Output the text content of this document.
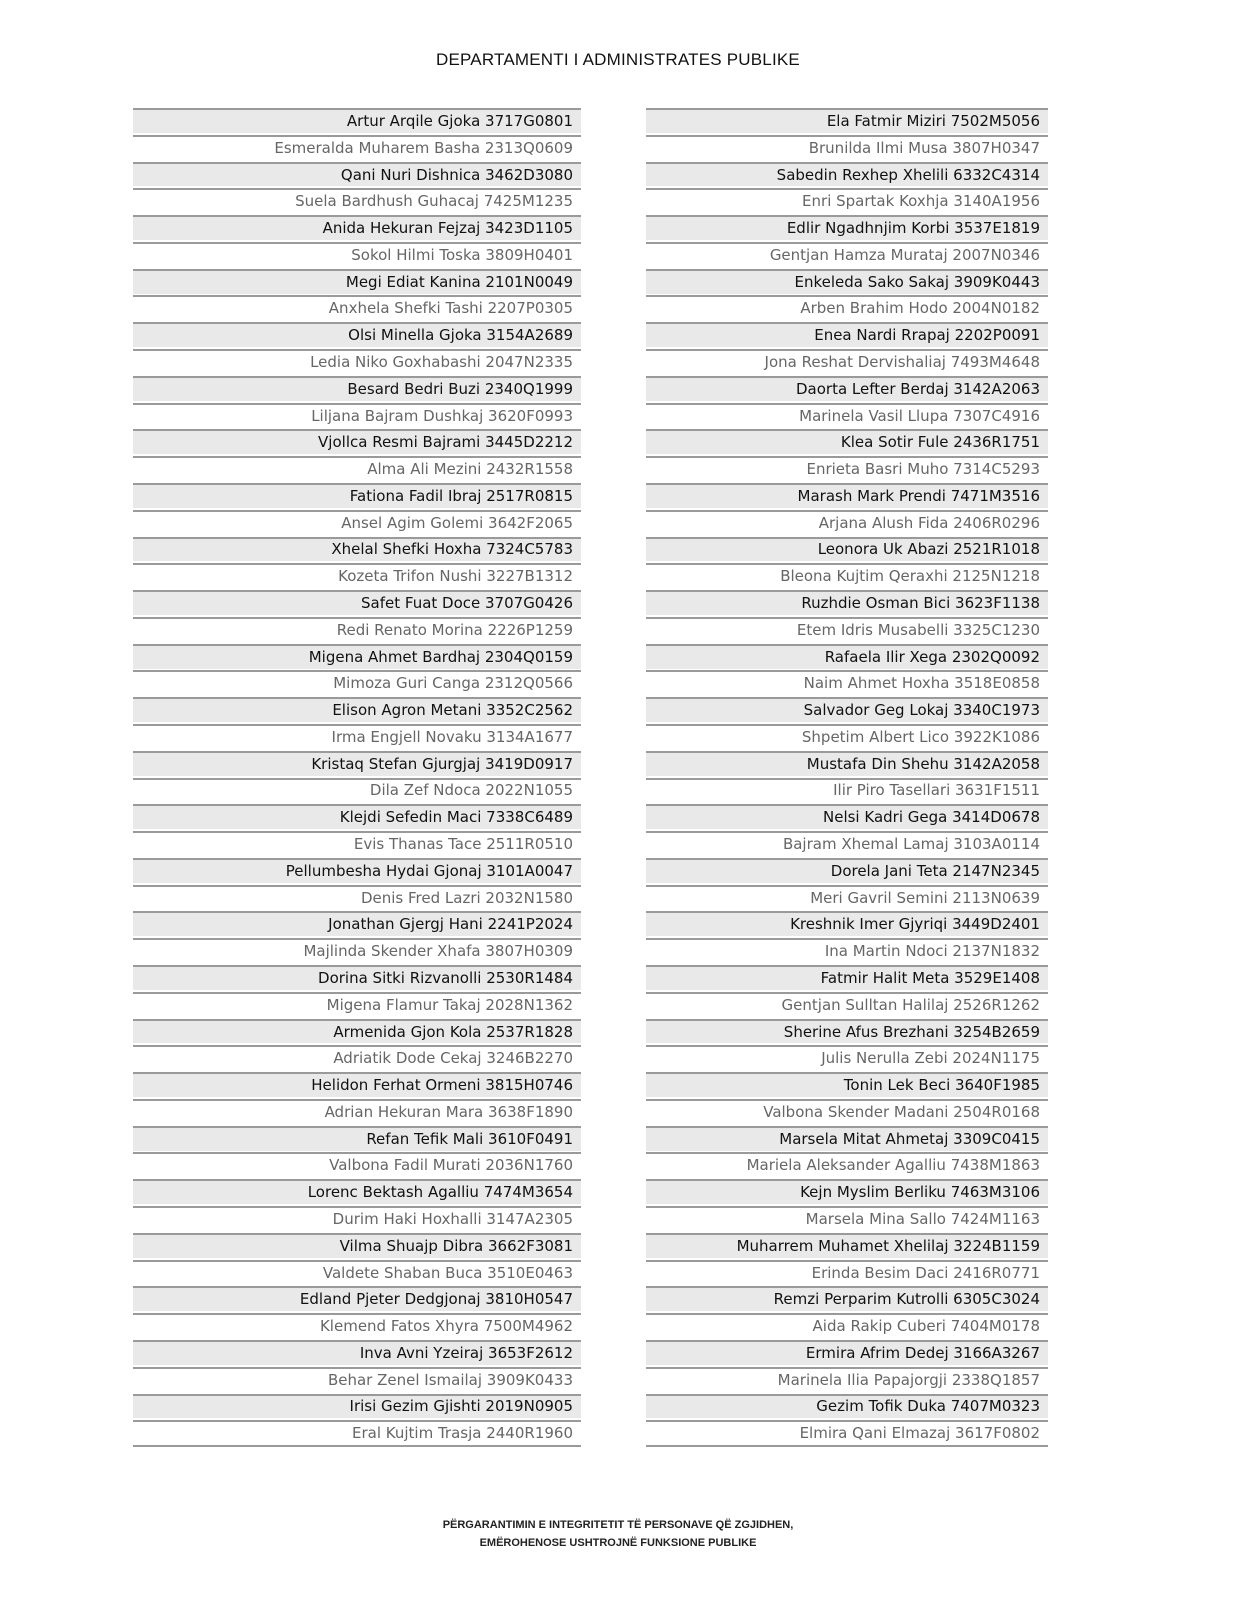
DEPARTAMENTI I ADMINISTRATES PUBLIKE
Artur Arqile Gjoka 3717G0801
Esmeralda Muharem Basha 2313Q0609
Qani Nuri Dishnica 3462D3080
Suela Bardhush Guhacaj 7425M1235
Anida Hekuran Fejzaj 3423D1105
Sokol Hilmi Toska 3809H0401
Megi Ediat Kanina 2101N0049
Anxhela Shefki Tashi 2207P0305
Olsi Minella Gjoka 3154A2689
Ledia Niko Goxhabashi 2047N2335
Besard Bedri Buzi 2340Q1999
Liljana Bajram Dushkaj 3620F0993
Vjollca Resmi Bajrami 3445D2212
Alma Ali Mezini 2432R1558
Fationa Fadil Ibraj 2517R0815
Ansel Agim Golemi 3642F2065
Xhelal Shefki Hoxha 7324C5783
Kozeta Trifon Nushi 3227B1312
Safet Fuat Doce 3707G0426
Redi Renato Morina 2226P1259
Migena Ahmet Bardhaj 2304Q0159
Mimoza Guri Canga 2312Q0566
Elison Agron Metani 3352C2562
Irma Engjell Novaku 3134A1677
Kristaq Stefan Gjurgjaj 3419D0917
Dila Zef Ndoca 2022N1055
Klejdi Sefedin Maci 7338C6489
Evis Thanas Tace 2511R0510
Pellumbesha Hydai Gjonaj 3101A0047
Denis Fred Lazri 2032N1580
Jonathan Gjergj Hani 2241P2024
Majlinda Skender Xhafa 3807H0309
Dorina Sitki Rizvanolli 2530R1484
Migena Flamur Takaj 2028N1362
Armenida Gjon Kola 2537R1828
Adriatik Dode Cekaj 3246B2270
Helidon Ferhat Ormeni 3815H0746
Adrian Hekuran Mara 3638F1890
Refan Tefik Mali 3610F0491
Valbona Fadil Murati 2036N1760
Lorenc Bektash Agalliu 7474M3654
Durim Haki Hoxhalli 3147A2305
Vilma Shuajp Dibra 3662F3081
Valdete Shaban Buca 3510E0463
Edland Pjeter Dedgjonaj 3810H0547
Klemend Fatos Xhyra 7500M4962
Inva Avni Yzeiraj 3653F2612
Behar Zenel Ismailaj 3909K0433
Irisi Gezim Gjishti 2019N0905
Eral Kujtim Trasja 2440R1960
Ela Fatmir Miziri 7502M5056
Brunilda Ilmi Musa 3807H0347
Sabedin Rexhep Xhelili 6332C4314
Enri Spartak Koxhja 3140A1956
Edlir Ngadhnjim Korbi 3537E1819
Gentjan Hamza Murataj 2007N0346
Enkeleda Sako Sakaj 3909K0443
Arben Brahim Hodo 2004N0182
Enea Nardi Rrapaj 2202P0091
Jona Reshat Dervishaliaj 7493M4648
Daorta Lefter Berdaj 3142A2063
Marinela Vasil Llupa 7307C4916
Klea Sotir Fule 2436R1751
Enrieta Basri Muho 7314C5293
Marash Mark Prendi 7471M3516
Arjana Alush Fida 2406R0296
Leonora Uk Abazi 2521R1018
Bleona Kujtim Qeraxhi 2125N1218
Ruzhdie Osman Bici 3623F1138
Etem Idris Musabelli 3325C1230
Rafaela Ilir Xega 2302Q0092
Naim Ahmet Hoxha 3518E0858
Salvador Geg Lokaj 3340C1973
Shpetim Albert Lico 3922K1086
Mustafa Din Shehu 3142A2058
Ilir Piro Tasellari 3631F1511
Nelsi Kadri Gega 3414D0678
Bajram Xhemal Lamaj 3103A0114
Dorela Jani Teta 2147N2345
Meri Gavril Semini 2113N0639
Kreshnik Imer Gjyriqi 3449D2401
Ina Martin Ndoci 2137N1832
Fatmir Halit Meta 3529E1408
Gentjan Sulltan Halilaj 2526R1262
Sherine Afus Brezhani 3254B2659
Julis Nerulla Zebi 2024N1175
Tonin Lek Beci 3640F1985
Valbona Skender Madani 2504R0168
Marsela Mitat Ahmetaj 3309C0415
Mariela Aleksander Agalliu 7438M1863
Kejn Myslim Berliku 7463M3106
Marsela Mina Sallo 7424M1163
Muharrem Muhamet Xhelilaj 3224B1159
Erinda Besim Daci 2416R0771
Remzi Perparim Kutrolli 6305C3024
Aida Rakip Cuberi 7404M0178
Ermira Afrim Dedej 3166A3267
Marinela Ilia Papajorgji 2338Q1857
Gezim Tofik Duka 7407M0323
Elmira Qani Elmazaj 3617F0802
PËRGARANTIMIN E INTEGRITETIT TË PERSONAVE QË ZGJIDHEN,
EMËROHENOSE USHTROJNË FUNKSIONE PUBLIKE
